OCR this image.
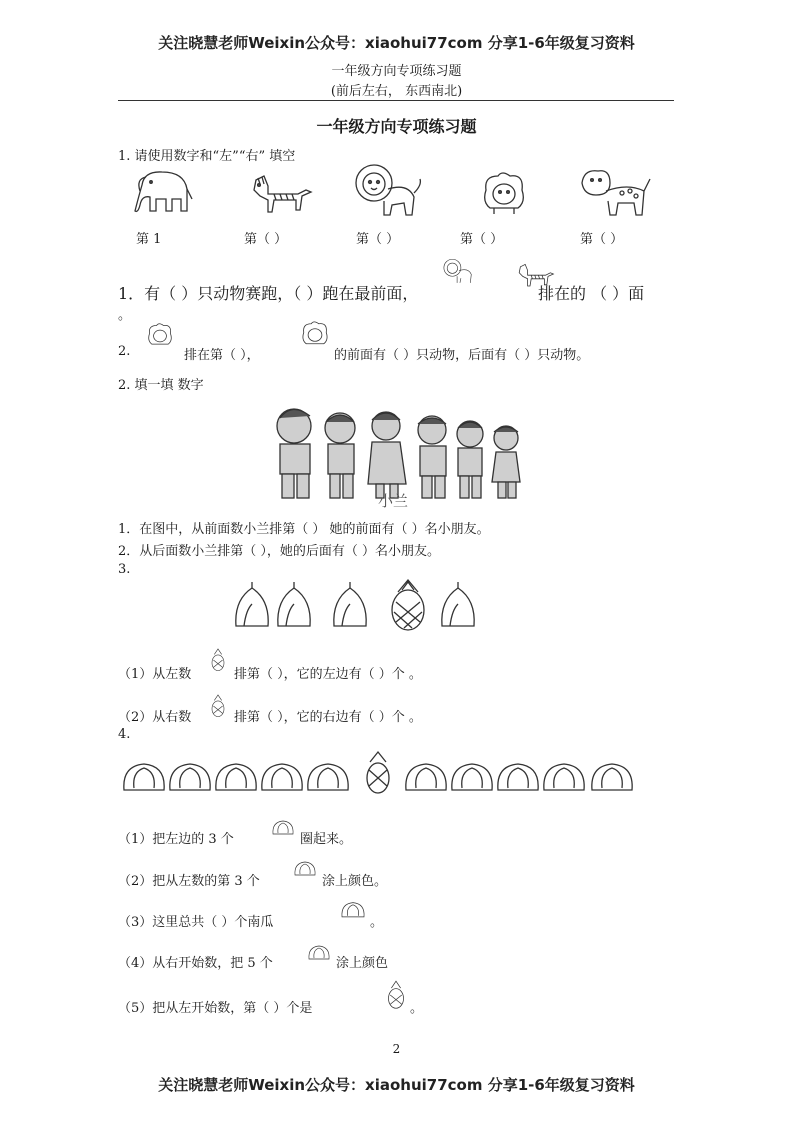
关注晓慧老师Weixin公众号：xiaohui77com 分享1-6年级复习资料
一年级方向专项练习题
(前后左右， 东西南北)
一年级方向专项练习题
1. 请使用数字和“左”“右” 填空
第 1	第（ ）	第（ ）	第（ ）	第（ ）
1．有（ ）只动物赛跑，（ ）跑在最前面，	排在的 （ ）面
。
2.	排在第（ ），	的前面有（ ）只动物，后面有（ ）只动物。
2. 填一填 数字
小兰
1．在图中，从前面数小兰排第（ ） 她的前面有（ ）名小朋友。
2．从后面数小兰排第（ ），她的后面有（ ）名小朋友。
3.
（1）从左数	排第（ ），它的左边有（ ）个 。
（2）从右数	排第（ ），它的右边有（ ）个 。
4.
（1）把左边的 3 个	圈起来。
（2）把从左数的第 3 个	涂上颜色。
（3）这里总共（ ）个南瓜	。
（4）从右开始数，把 5 个	涂上颜色
（5）把从左开始数，第（ ）个是	。
2
关注晓慧老师Weixin公众号：xiaohui77com 分享1-6年级复习资料
